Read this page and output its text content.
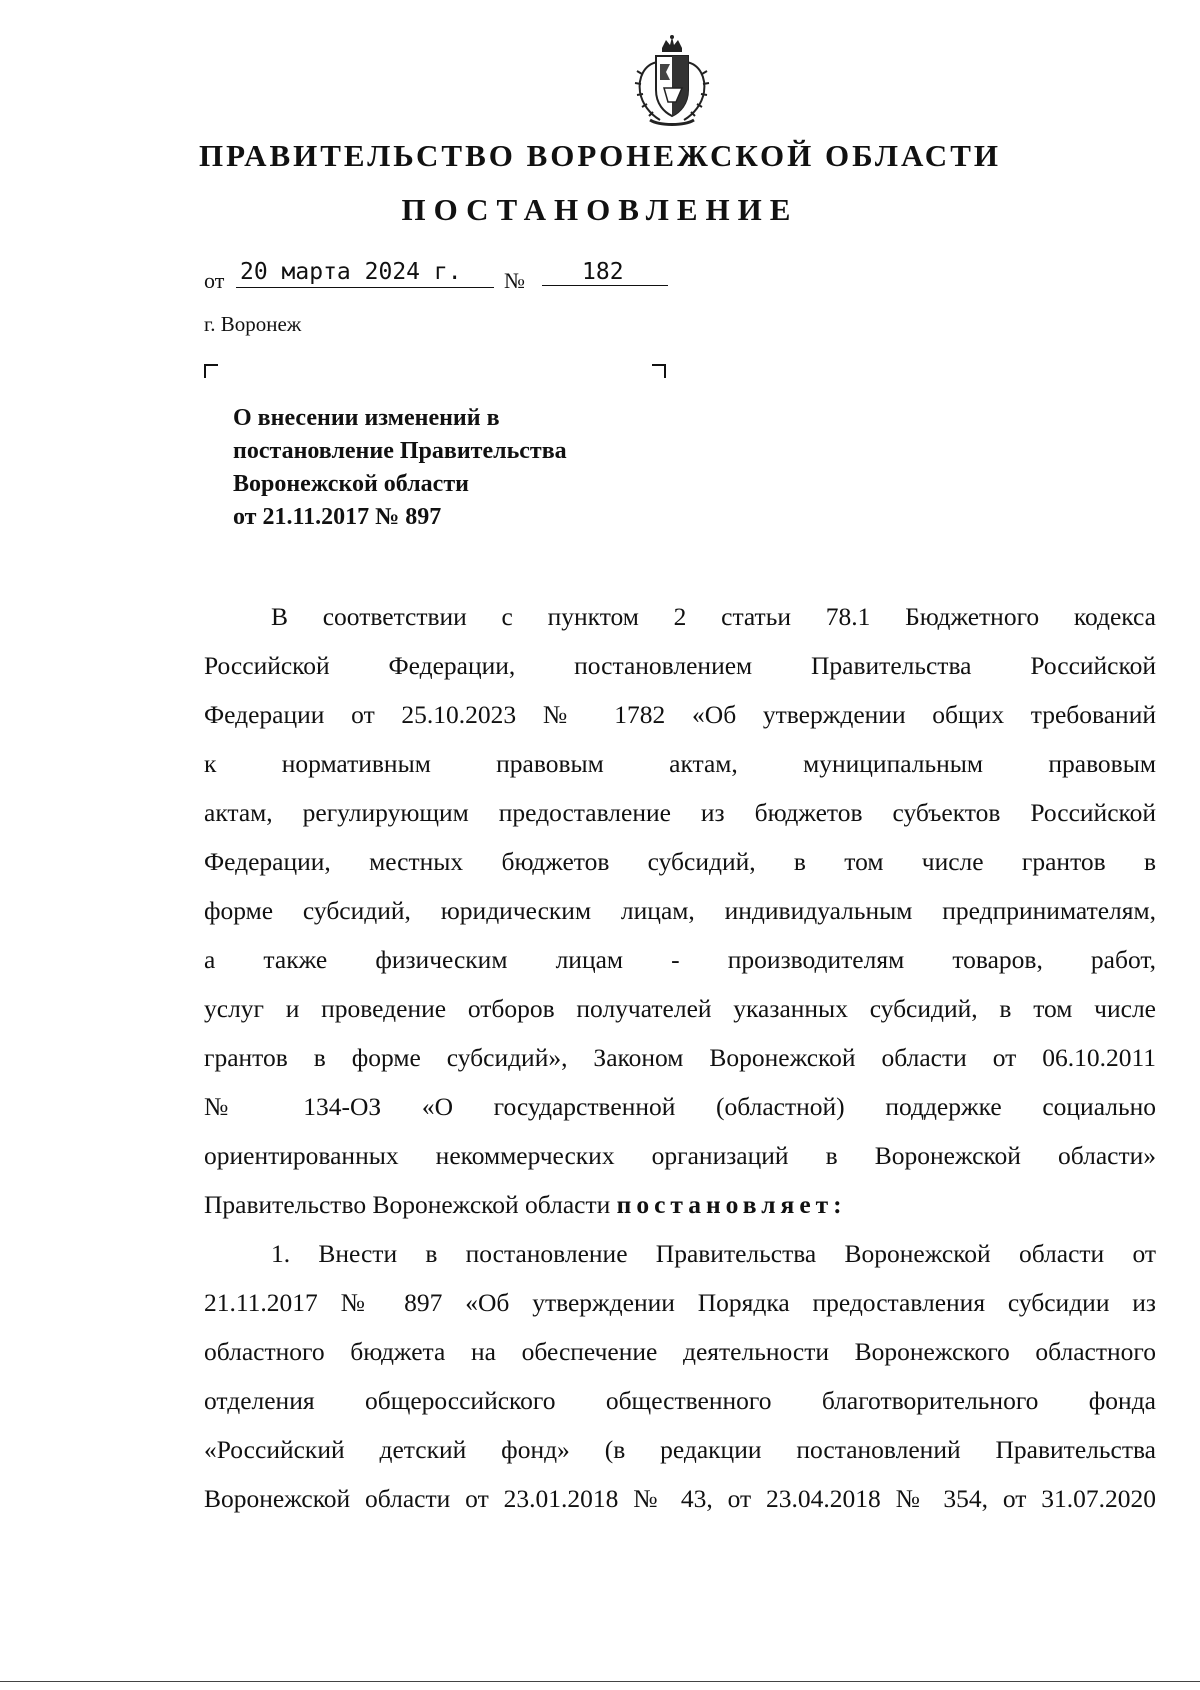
ПРАВИТЕЛЬСТВО ВОРОНЕЖСКОЙ ОБЛАСТИ
ПОСТАНОВЛЕНИЕ
от 20 марта 2024 г.	№	182
г. Воронеж
О внесении изменений в
постановление Правительства
Воронежской области
от 21.11.2017 № 897
В соответствии с пунктом 2 статьи 78.1 Бюджетного кодекса
Российской Федерации, постановлением Правительства Российской
Федерации от 25.10.2023 № 1782 «Об утверждении общих требований
к нормативным правовым актам, муниципальным правовым
актам, регулирующим предоставление из бюджетов субъектов Российской
Федерации, местных бюджетов субсидий, в том числе грантов в
форме субсидий, юридическим лицам, индивидуальным предпринимателям,
а также физическим лицам - производителям товаров, работ,
услуг и проведение отборов получателей указанных субсидий, в том числе
грантов в форме субсидий», Законом Воронежской области от 06.10.2011
№ 134-ОЗ «О государственной (областной) поддержке социально
ориентированных некоммерческих организаций в Воронежской области»
Правительство Воронежской области постановляет:
1. Внести в постановление Правительства Воронежской области от
21.11.2017 № 897 «Об утверждении Порядка предоставления субсидии из
областного бюджета на обеспечение деятельности Воронежского областного
отделения общероссийского общественного благотворительного фонда
«Российский детский фонд» (в редакции постановлений Правительства
Воронежской области от 23.01.2018 № 43, от 23.04.2018 № 354, от 31.07.2020
